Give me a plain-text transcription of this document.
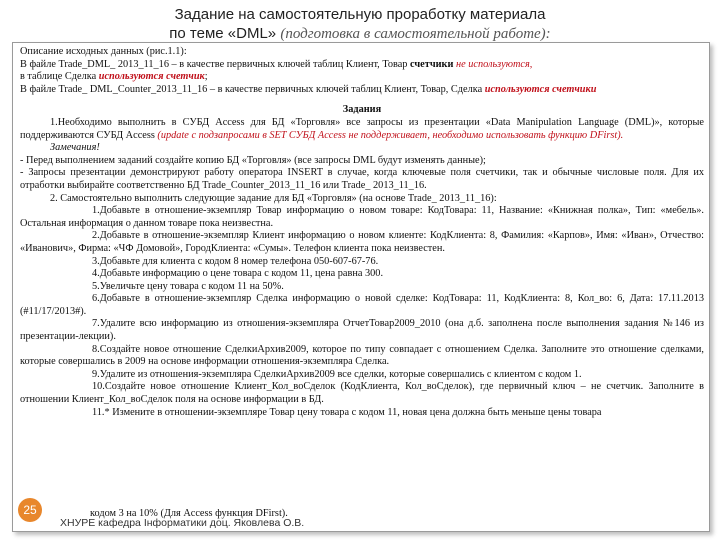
Задание на самостоятельную проработку материала
по теме «DML» (подготовка в самостоятельной работе):

Описание исходных данных (рис.1.1):

В файле Trade_DML_ 2013_11_16 – в качестве первичных ключей таблиц Клиент, Товар счетчики не используются,

в таблице Сделка используются счетчик;

В файле Trade_ DML_Counter_2013_11_16 – в качестве первичных ключей таблиц Клиент, Товар, Сделка используются счетчики

Задания

1.Необходимо выполнить в СУБД Access для БД «Торговля» все запросы из презентации «Data Manipulation Language (DML)», которые поддерживаются СУБД Access (update с подзапросами в SET СУБД Access не поддерживает, необходимо использовать функцию DFirst).

Замечания!

- Перед выполнением заданий создайте копию БД «Торговля» (все запросы DML будут изменять данные);

- Запросы презентации демонстрируют работу оператора INSERT в случае, когда ключевые поля счетчики, так и обычные числовые поля. Для их отработки выбирайте соответственно БД Trade_Counter_2013_11_16 или Trade_ 2013_11_16.

2. Самостоятельно выполнить следующие задание для БД «Торговля» (на основе Trade_ 2013_11_16):

1.Добавьте в отношение-экземпляр Товар информацию о новом товаре: КодТовара: 11, Название: «Книжная полка», Тип: «мебель». Остальная информация о данном товаре пока неизвестна.

2.Добавьте в отношение-экземпляр Клиент информацию о новом клиенте: КодКлиента: 8, Фамилия: «Карпов», Имя: «Иван», Отчество: «Иванович», Фирма: «ЧФ Домовой», ГородКлиента: «Сумы». Телефон клиента пока неизвестен.

3.Добавьте для клиента с кодом 8 номер телефона 050-607-67-76.

4.Добавьте информацию о цене товара с кодом 11, цена равна 300.

5.Увеличьте цену товара с кодом 11 на 50%.

6.Добавьте в отношение-экземпляр Сделка информацию о новой сделке: КодТовара: 11, КодКлиента: 8, Кол_во: 6, Дата: 17.11.2013 (#11/17/2013#).

7.Удалите всю информацию из отношения-экземпляра ОтчетТовар2009_2010 (она д.б. заполнена после выполнения задания №146 из презентации-лекции).

8.Создайте новое отношение СделкиАрхив2009, которое по типу совпадает с отношением Сделка. Заполните это отношение сделками, которые совершались в 2009 на основе информации отношения-экземпляра Сделка.

9.Удалите из отношения-экземпляра СделкиАрхив2009 все сделки, которые совершались с клиентом с кодом 1.

10.Создайте новое отношение Клиент_Кол_воСделок (КодКлиента, Кол_воСделок), где первичный ключ – не счетчик. Заполните в отношении Клиент_Кол_воСделок поля на основе информации в БД.

11.* Измените в отношении-экземпляре Товар цену товара с кодом 11, новая цена должна быть меньше цены товара

кодом 3 на 10% (Для Access функция DFirst).
25
ХНУРЕ кафедра Інформатики доц. Яковлева О.В.
